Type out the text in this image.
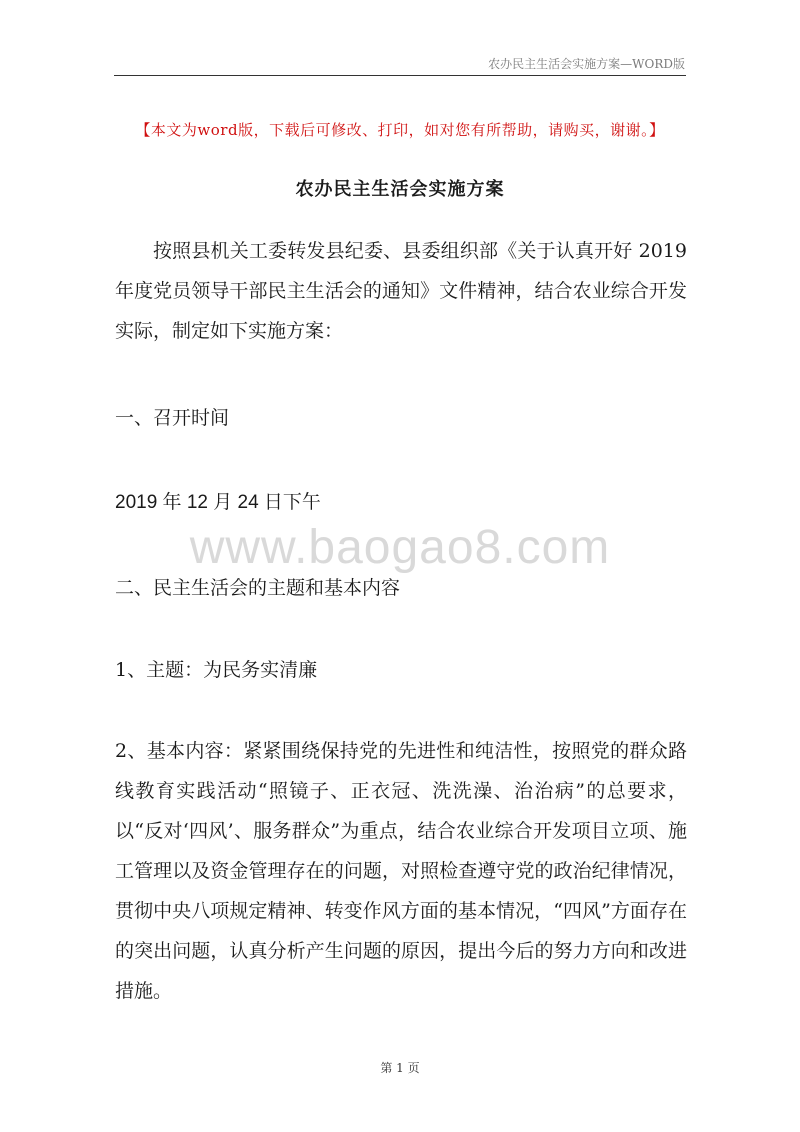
农办民主生活会实施方案—WORD版
【本文为word版，下载后可修改、打印，如对您有所帮助，请购买，谢谢。】
农办民主生活会实施方案
按照县机关工委转发县纪委、县委组织部《关于认真开好 2019年度党员领导干部民主生活会的通知》文件精神，结合农业综合开发实际，制定如下实施方案：
一、召开时间
2019 年 12 月 24 日下午
www.baogao8.com
二、民主生活会的主题和基本内容
1、主题：为民务实清廉
2、基本内容：紧紧围绕保持党的先进性和纯洁性，按照党的群众路线教育实践活动“照镜子、正衣冠、洗洗澡、治治病”的总要求，以“反对‘四风’、服务群众”为重点，结合农业综合开发项目立项、施工管理以及资金管理存在的问题，对照检查遵守党的政治纪律情况，贯彻中央八项规定精神、转变作风方面的基本情况，“四风”方面存在的突出问题，认真分析产生问题的原因，提出今后的努力方向和改进措施。
第 1 页
